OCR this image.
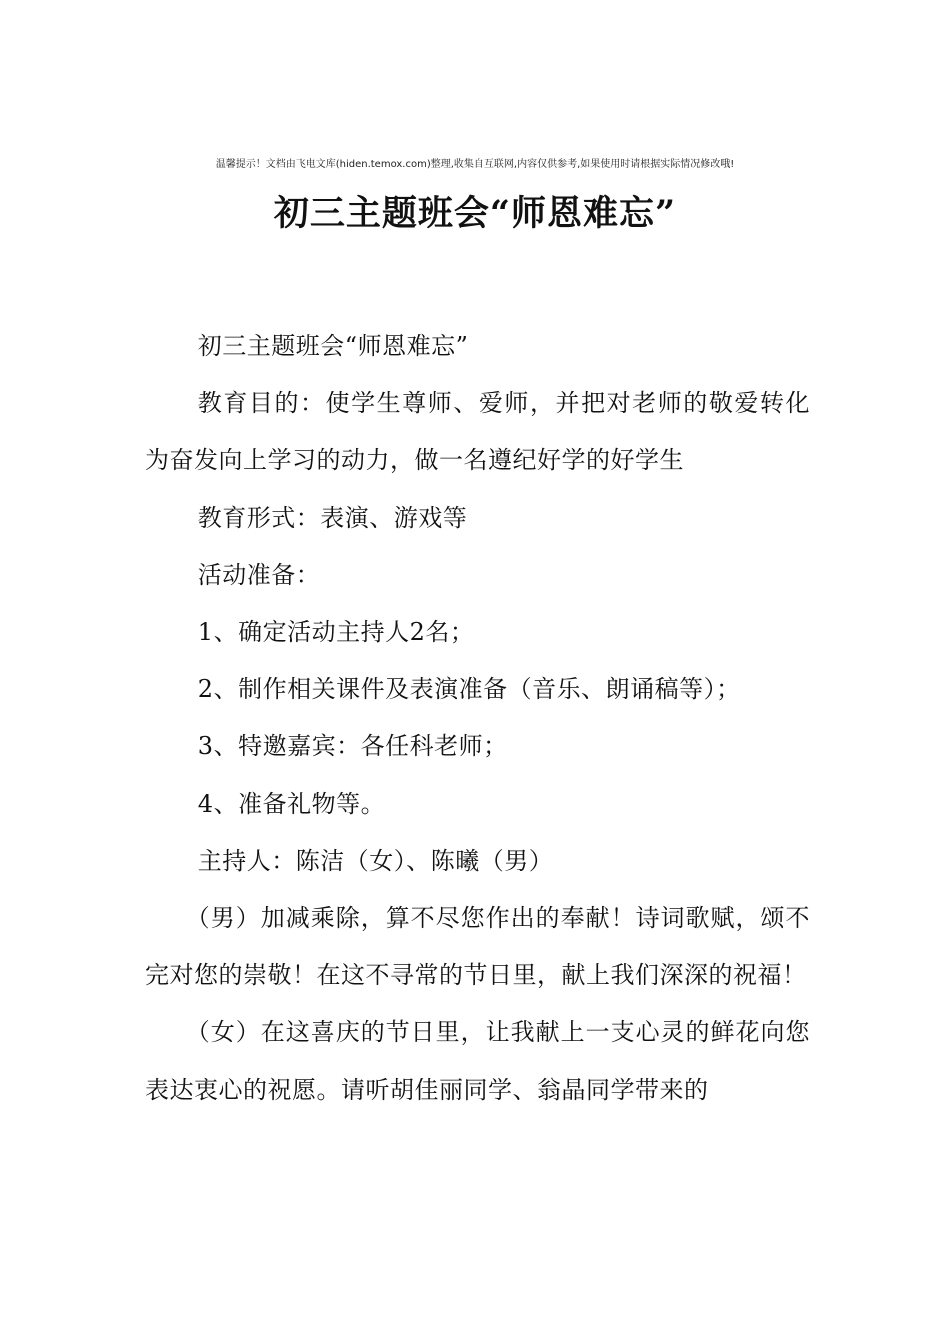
温馨提示！文档由飞电文库(hiden.temox.com)整理,收集自互联网,内容仅供参考,如果使用时请根据实际情况修改哦!
初三主题班会“师恩难忘”

初三主题班会“师恩难忘”

教育目的：使学生尊师、爱师，并把对老师的敬爱转化为奋发向上学习的动力，做一名遵纪好学的好学生

教育形式：表演、游戏等

活动准备：

1、确定活动主持人2名；

2、制作相关课件及表演准备（音乐、朗诵稿等）；

3、特邀嘉宾：各任科老师；

4、准备礼物等。

主持人：陈洁（女）、陈曦（男）

（男）加减乘除，算不尽您作出的奉献！诗词歌赋，颂不完对您的崇敬！在这不寻常的节日里，献上我们深深的祝福！

（女）在这喜庆的节日里，让我献上一支心灵的鲜花向您表达衷心的祝愿。请听胡佳丽同学、翁晶同学带来的
